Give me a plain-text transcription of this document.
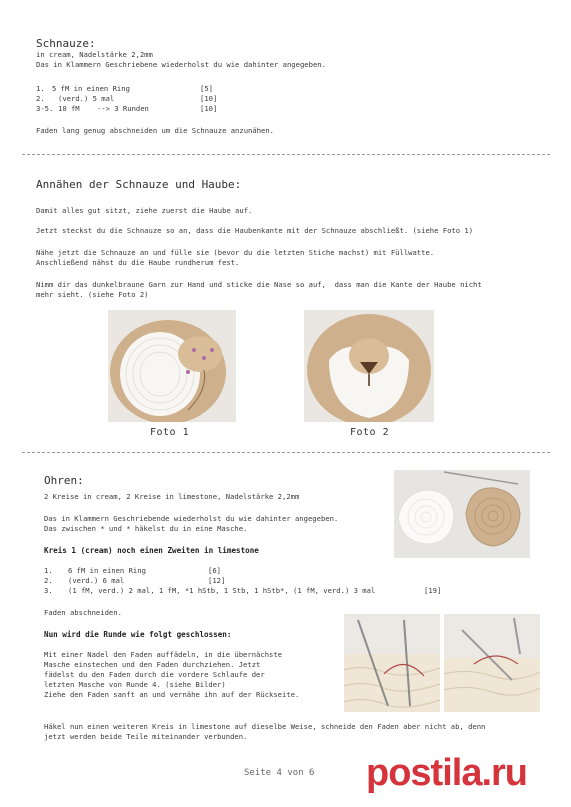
Schnauze:
in cream, Nadelstärke 2,2mm
Das in Klammern Geschriebene wiederholst du wie dahinter angegeben.
1. 5 fM in einen Ring	[5]
2. (verd.) 5 mal	[10]
3-5. 10 fM    --> 3 Runden	[10]
Faden lang genug abschneiden um die Schnauze anzunähen.
Annähen der Schnauze und Haube:
Damit alles gut sitzt, ziehe zuerst die Haube auf.
Jetzt steckst du die Schnauze so an, dass die Haubenkante mit der Schnauze abschließt. (siehe Foto 1)
Nähe jetzt die Schnauze an und fülle sie (bevor du die letzten Stiche machst) mit Füllwatte.
Anschließend nähst du die Haube rundherum fest.
Nimm dir das dunkelbraune Garn zur Hand und sticke die Nase so auf,  dass man die Kante der Haube nicht
mehr sieht. (siehe Foto 2)
Foto 1	Foto 2
Ohren:
2 Kreise in cream, 2 Kreise in limestone, Nadelstärke 2,2mm
Das in Klammern Geschriebende wiederholst du wie dahinter angegeben.
Das zwischen * und * häkelst du in eine Masche.
Kreis 1 (cream) noch einen Zweiten in limestone
1. 6 fM in einen Ring	[6]
2. (verd.) 6 mal	[12]
3. (1 fM, verd.) 2 mal, 1 fM, *1 hStb, 1 Stb, 1 hStb*, (1 fM, verd.) 3 mal	[19]
Faden abschneiden.
Nun wird die Runde wie folgt geschlossen:
Mit einer Nadel den Faden auffädeln, in die übernächste
Masche einstechen und den Faden durchziehen. Jetzt
fädelst du den Faden durch die vordere Schlaufe der
letzten Masche von Runde 4. (siehe Bilder)
Ziehe den Faden sanft an und vernähe ihn auf der Rückseite.
Häkel nun einen weiteren Kreis in limestone auf dieselbe Weise, schneide den Faden aber nicht ab, denn
jetzt werden beide Teile miteinander verbunden.
Seite 4 von 6 postila.ru
